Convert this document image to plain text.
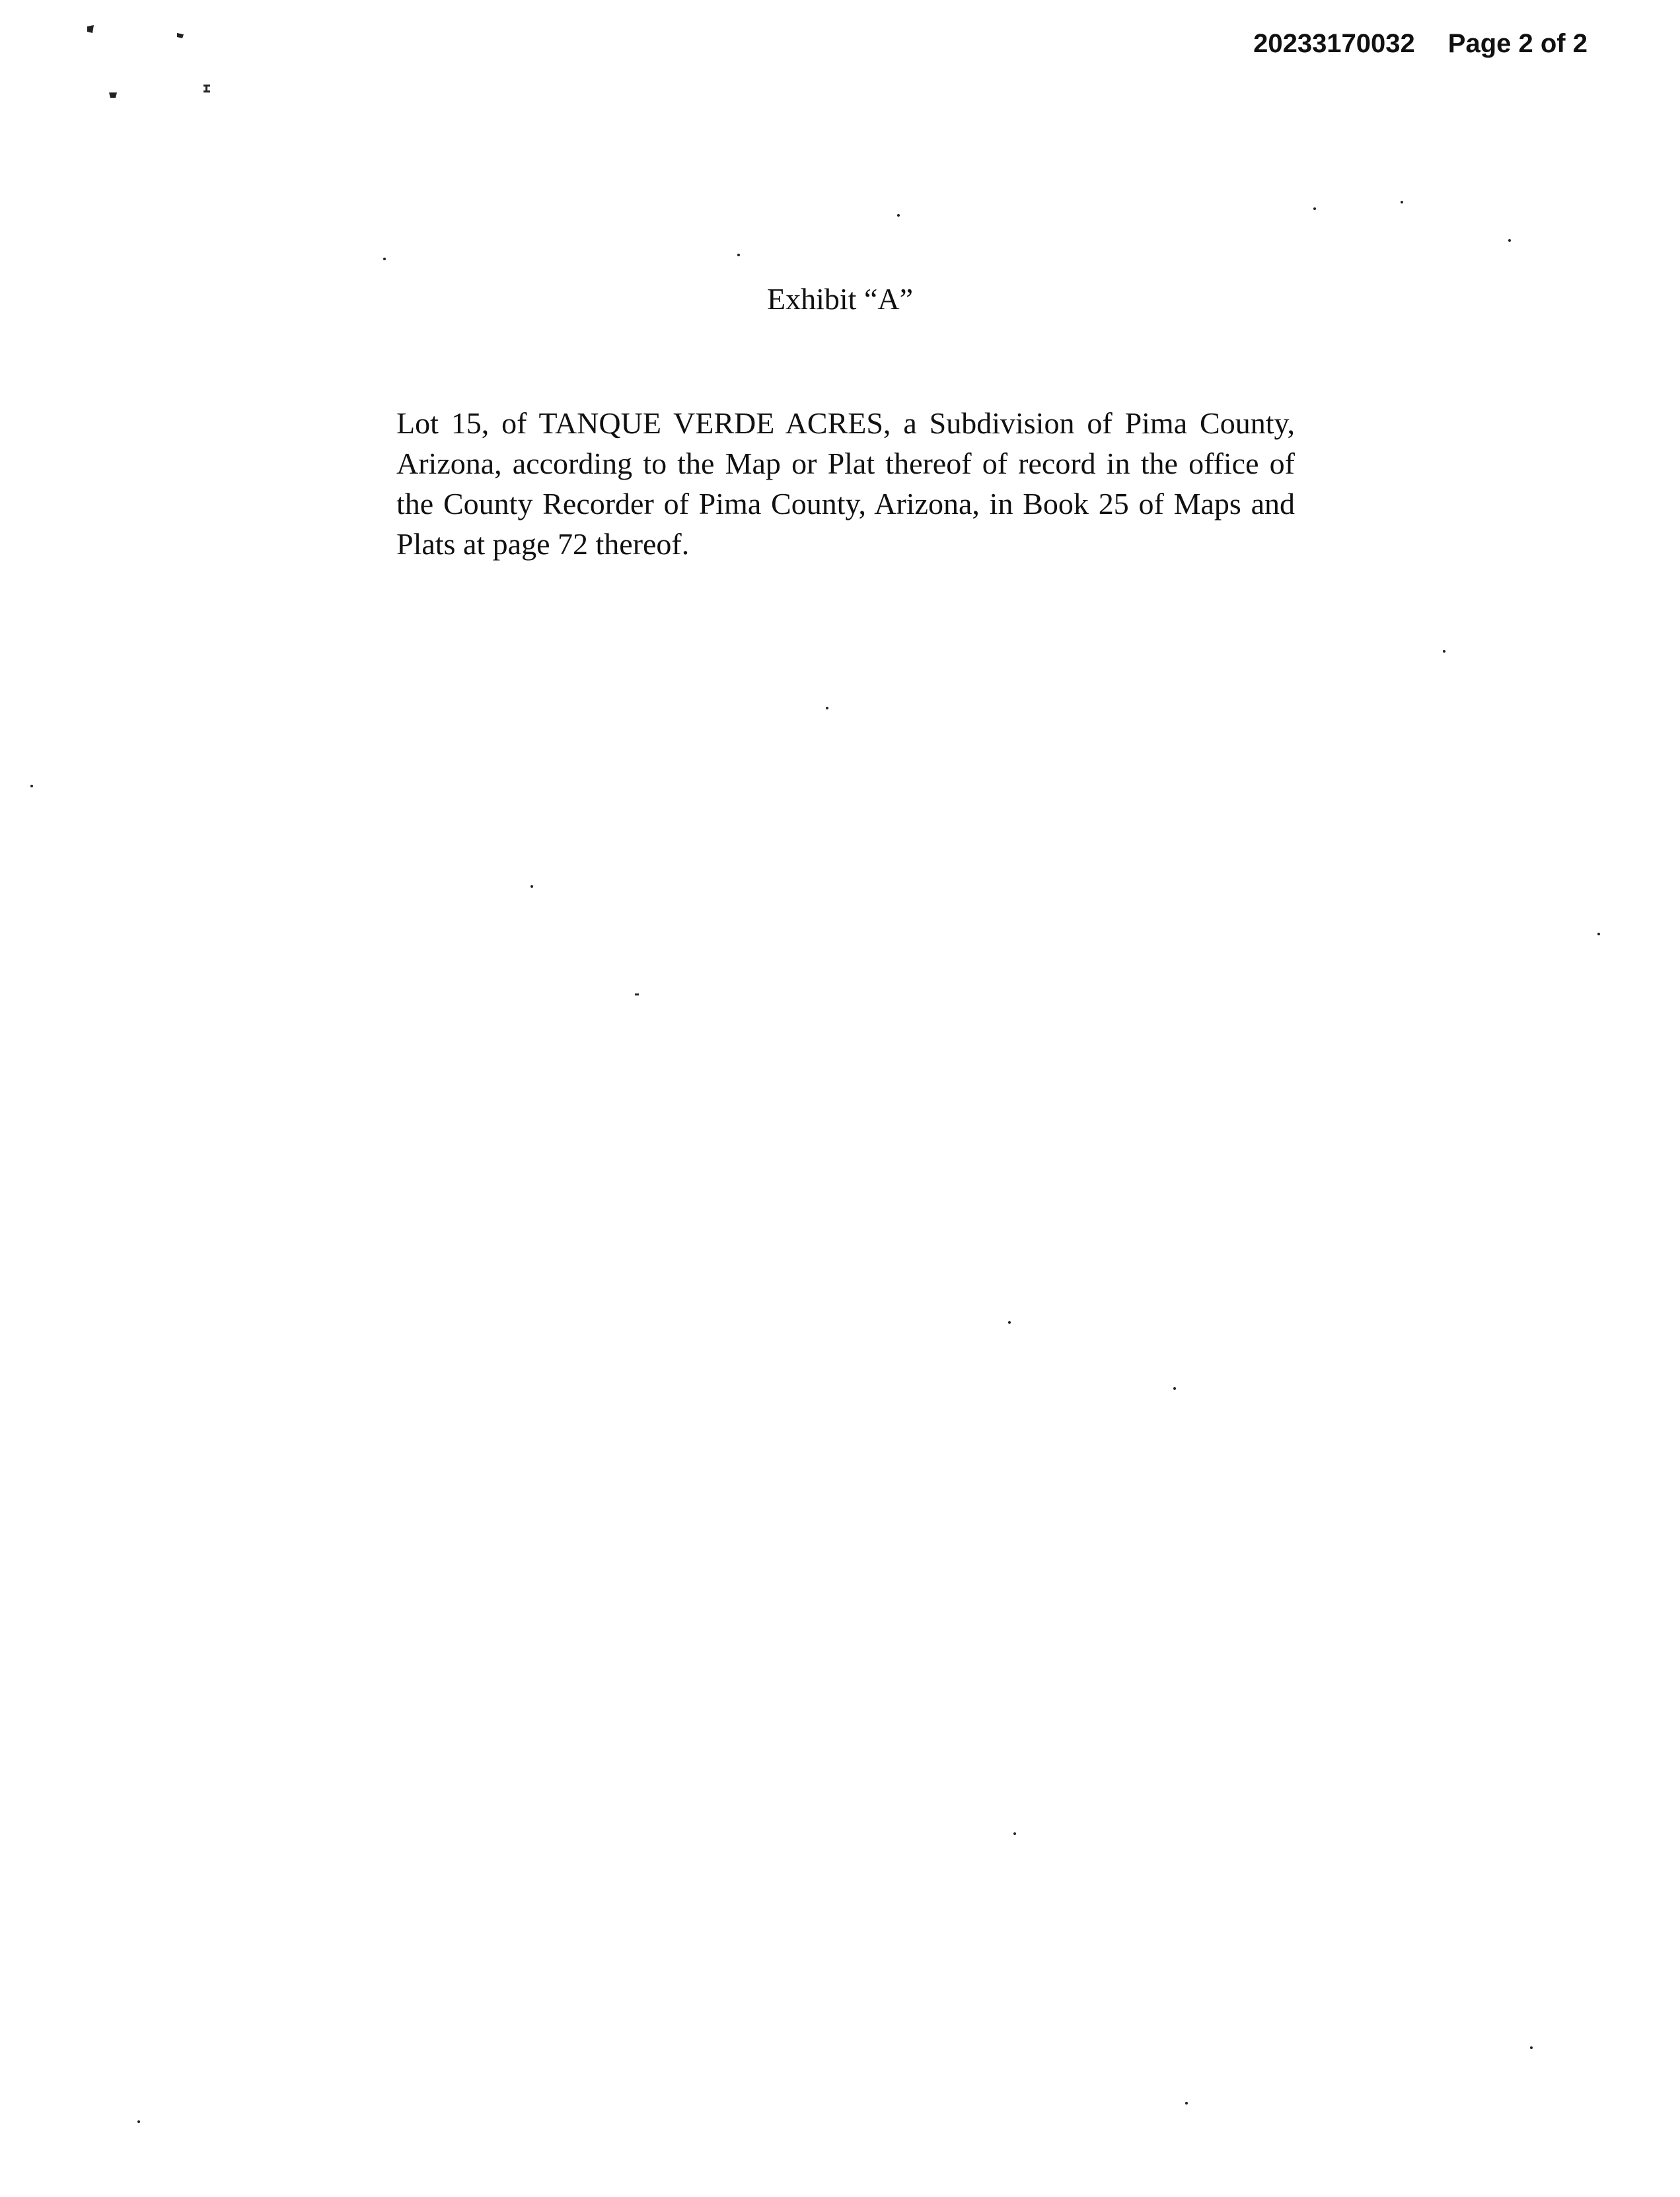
20233170032 Page 2 of 2
Exhibit “A”

Lot 15, of TANQUE VERDE ACRES, a Subdivision of Pima County, Arizona, according to the Map or Plat thereof of record in the office of the County Recorder of Pima County, Arizona, in Book 25 of Maps and Plats at page 72 thereof.
